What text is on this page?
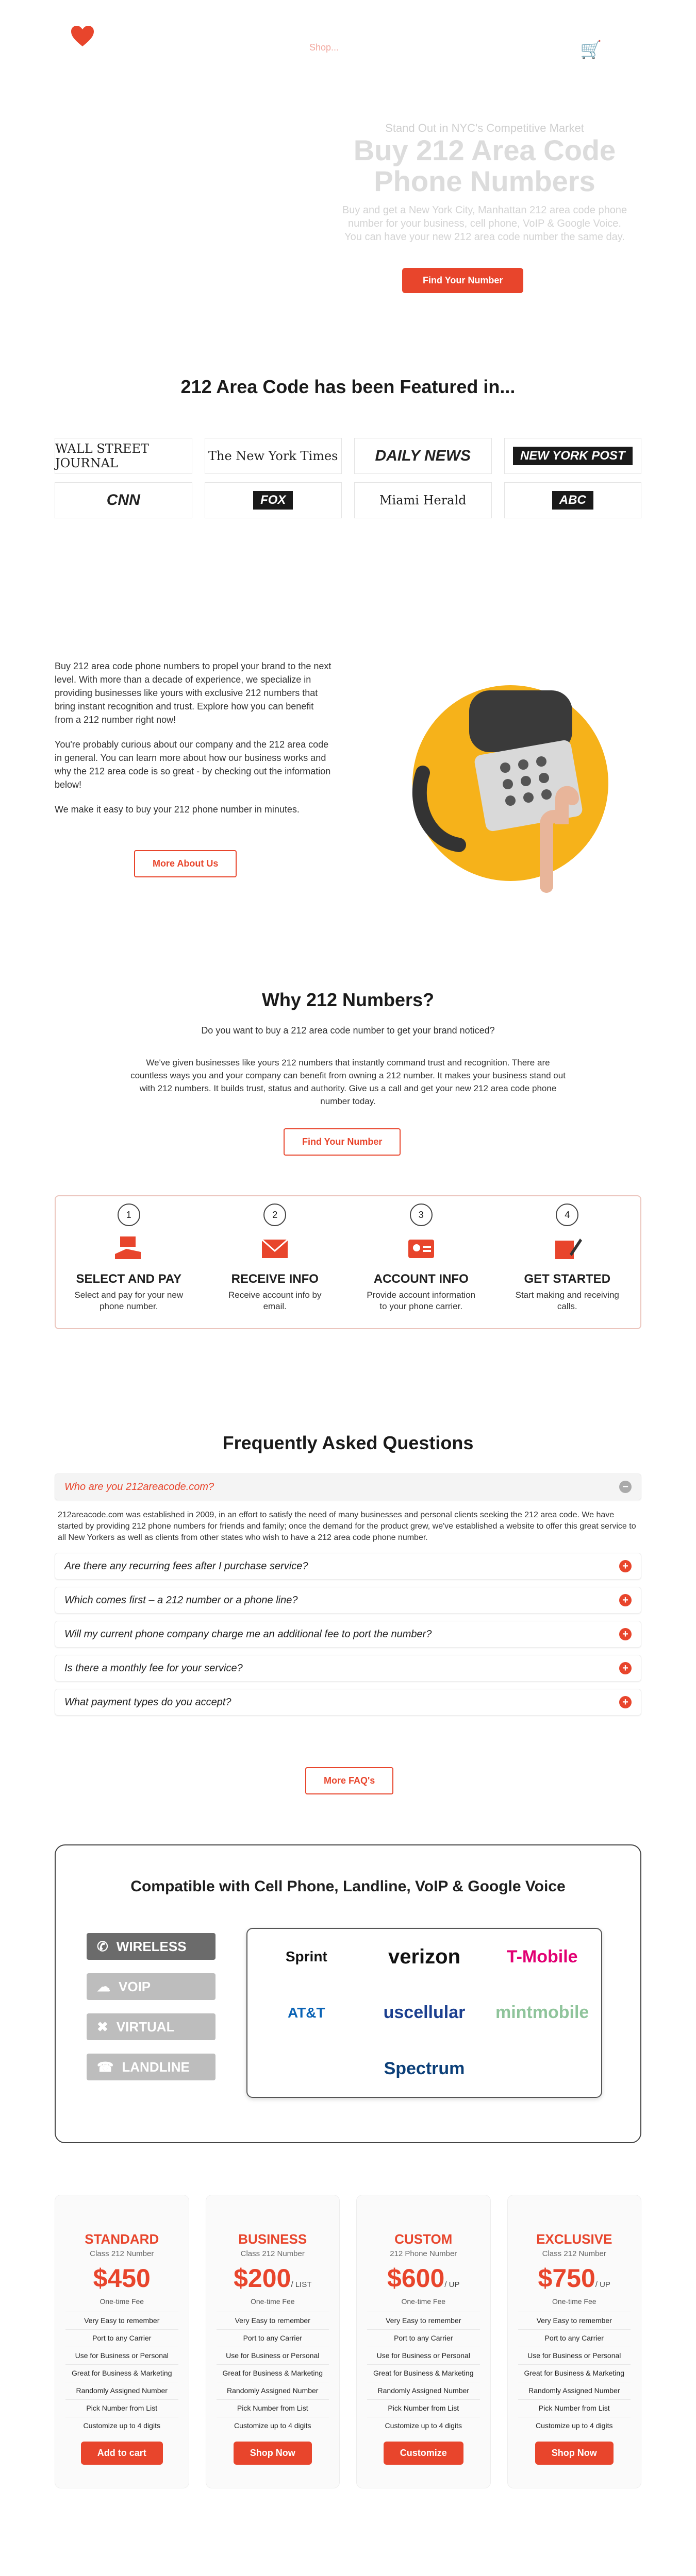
Shop...	🛒
Stand Out in NYC's Competitive Market
Buy 212 Area Code Phone Numbers
Buy and get a New York City, Manhattan 212 area code phone number for your business, cell phone, VoIP & Google Voice. You can have your new 212 area code number the same day.
Find Your Number
212 Area Code has been Featured in...
WALL STREET JOURNAL	The New York Times DAILY NEWS	NEW YORK POST
CNN	FOX	Miami Herald	ABC

Buy 212 area code phone numbers to propel your brand to the next level. With more than a decade of experience, we specialize in providing businesses like yours with exclusive 212 numbers that bring instant recognition and trust. Explore how you can benefit from a 212 number right now!

You're probably curious about our company and the 212 area code in general. You can learn more about how our business works and why the 212 area code is so great - by checking out the information below!

We make it easy to buy your 212 phone number in minutes.

More About Us
Why 212 Numbers?
Do you want to buy a 212 area code number to get your brand noticed?
We've given businesses like yours 212 numbers that instantly command trust and recognition. There are countless ways you and your company can benefit from owning a 212 number. It makes your business stand out with 212 numbers. It builds trust, status and authority. Give us a call and get your new 212 area code phone number today.
Find Your Number
1
SELECT AND PAY

Select and pay for your new phone number.

2
RECEIVE INFO

Receive account info by email.

3
ACCOUNT INFO

Provide account information to your phone carrier.

4
GET STARTED

Start making and receiving calls.

Frequently Asked Questions
Who are you 212areacode.com?	−
212areacode.com was established in 2009, in an effort to satisfy the need of many businesses and personal clients seeking the 212 area code. We have started by providing 212 phone numbers for friends and family; once the demand for the product grew, we've established a website to offer this great service to all New Yorkers as well as clients from other states who wish to have a 212 area code phone number.
Are there any recurring fees after I purchase service?	+
Which comes first – a 212 number or a phone line?	+
Will my current phone company charge me an additional fee to port the number?	+
Is there a monthly fee for your service?	+
What payment types do you accept?	+
More FAQ's
Compatible with Cell Phone, Landline, VoIP & Google Voice
✆ WIRELESS
☁ VOIP
✖ VIRTUAL
☎ LANDLINE
Sprint	verizon	T-Mobile
AT&T	uscellular mintmobile
Spectrum
STANDARD
Class 212 Number
$450
One-time Fee
Very Easy to remember
Port to any Carrier
Use for Business or Personal
Great for Business & Marketing
Randomly Assigned Number
Pick Number from List
Customize up to 4 digits
Add to cart
BUSINESS
Class 212 Number
$200/ LIST
One-time Fee
Very Easy to remember
Port to any Carrier
Use for Business or Personal
Great for Business & Marketing
Randomly Assigned Number
Pick Number from List
Customize up to 4 digits
Shop Now
CUSTOM
212 Phone Number
$600/ UP
One-time Fee
Very Easy to remember
Port to any Carrier
Use for Business or Personal
Great for Business & Marketing
Randomly Assigned Number
Pick Number from List
Customize up to 4 digits
Customize
EXCLUSIVE
Class 212 Number
$750/ UP
One-time Fee
Very Easy to remember
Port to any Carrier
Use for Business or Personal
Great for Business & Marketing
Randomly Assigned Number
Pick Number from List
Customize up to 4 digits
Shop Now
